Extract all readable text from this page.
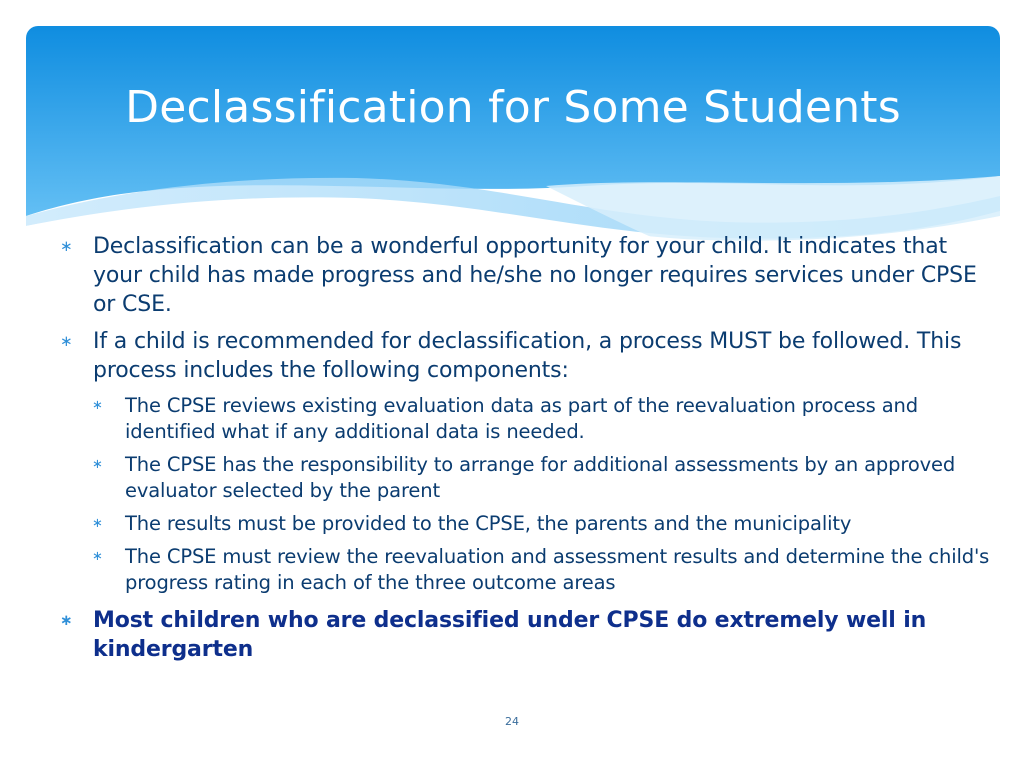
Declassification for Some Students
∗ Declassification can be a wonderful opportunity for your child. It indicates that your child has made progress and he/she no longer requires services under CPSE or CSE.
∗ If a child is recommended for declassification, a process MUST be followed. This process includes the following components:
∗ The CPSE reviews existing evaluation data as part of the reevaluation process and identified what if any additional data is needed.
∗ The CPSE has the responsibility to arrange for additional assessments by an approved evaluator selected by the parent
∗ The results must be provided to the CPSE, the parents and the municipality
∗ The CPSE must review the reevaluation and assessment results and determine the child's progress rating in each of the three outcome areas
∗ Most children who are declassified under CPSE do extremely well in kindergarten
24
